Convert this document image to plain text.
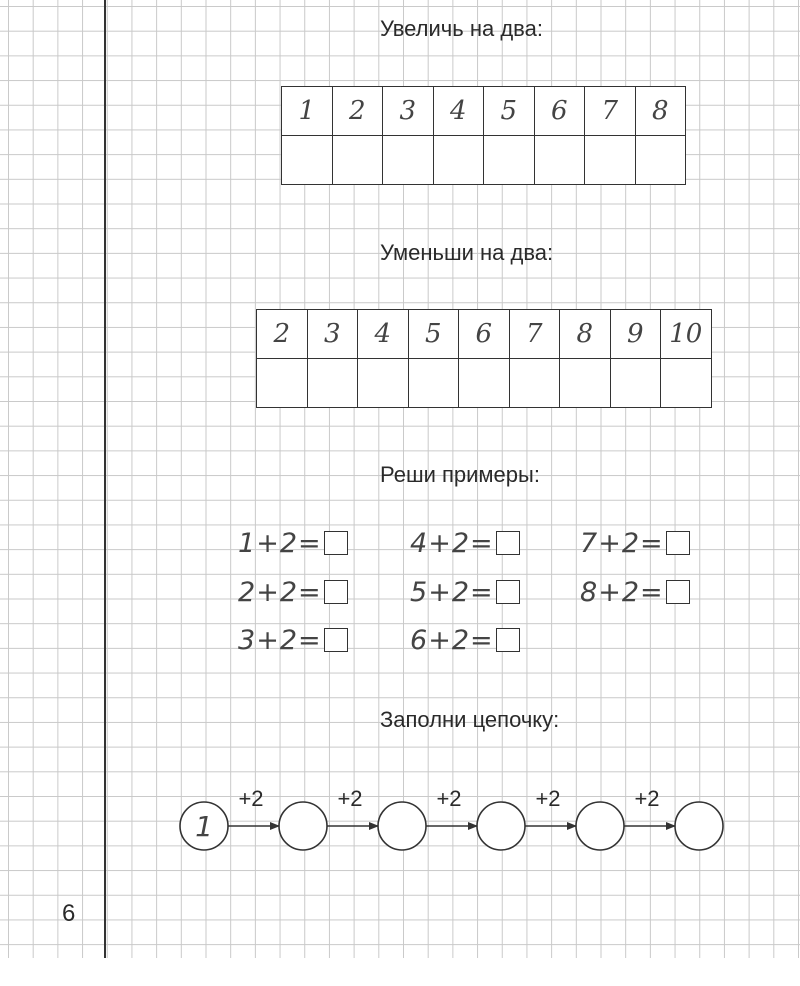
Увеличь на два:
1	2	3	4	5	6	7	8

Уменьши на два:
2	3	4	5	6	7	8	9	10

Реши примеры:
1+2=	4+2=	7+2=
2+2=	5+2=	8+2=
3+2=	6+2=
Заполни цепочку:
1
+2	+2	+2	+2	+2
6
